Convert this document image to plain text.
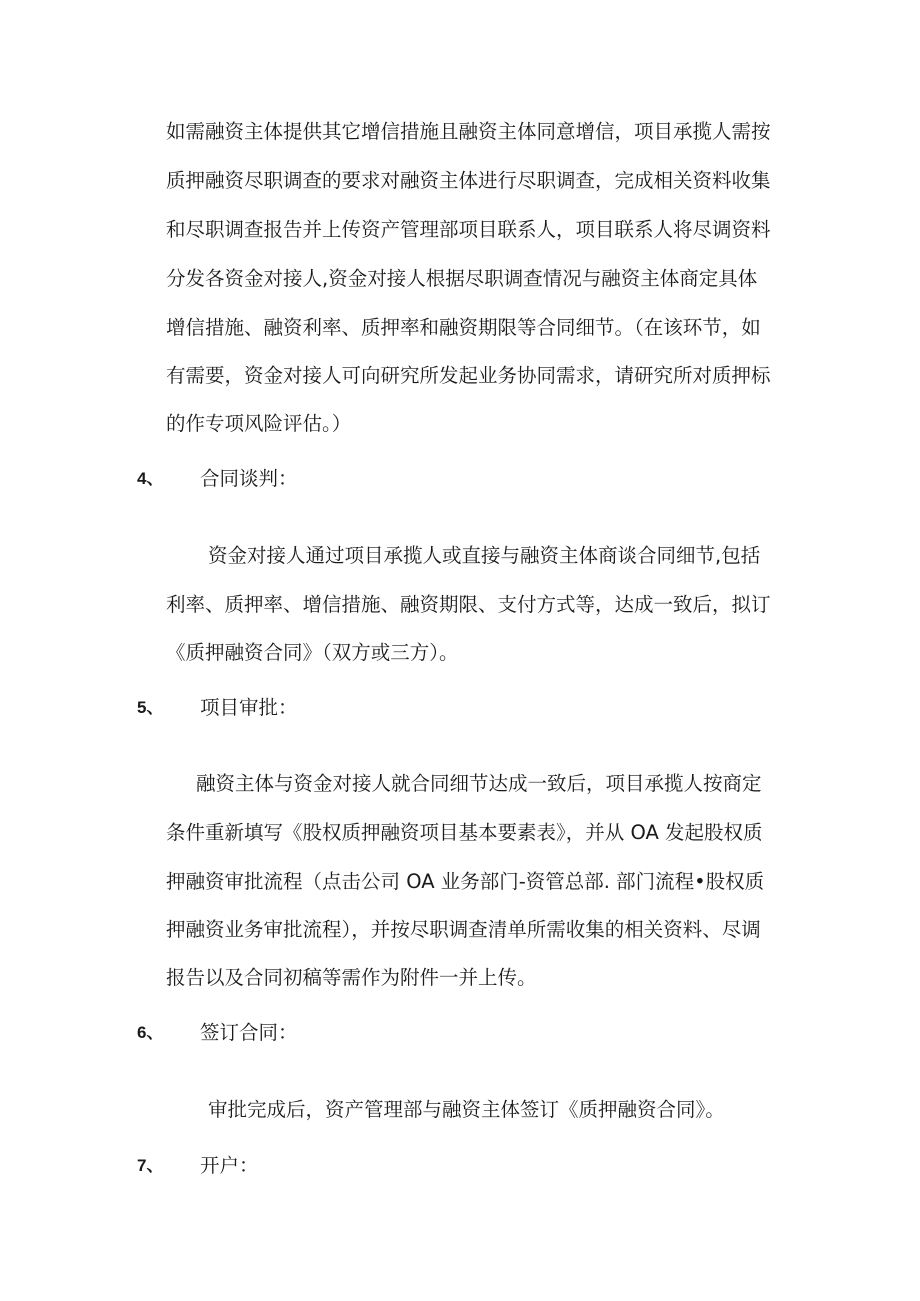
如需融资主体提供其它增信措施且融资主体同意增信，项目承揽人需按
质押融资尽职调查的要求对融资主体进行尽职调查，完成相关资料收集
和尽职调查报告并上传资产管理部项目联系人，项目联系人将尽调资料
分发各资金对接人,资金对接人根据尽职调查情况与融资主体商定具体
增信措施、融资利率、质押率和融资期限等合同细节。（在该环节，如
有需要，资金对接人可向研究所发起业务协同需求，请研究所对质押标
的作专项风险评估。）
4、 合同谈判：
资金对接人通过项目承揽人或直接与融资主体商谈合同细节,包括
利率、质押率、增信措施、融资期限、支付方式等，达成一致后，拟订
《质押融资合同》（双方或三方）。
5、 项目审批：
融资主体与资金对接人就合同细节达成一致后，项目承揽人按商定
条件重新填写《股权质押融资项目基本要素表》，并从 OA 发起股权质
押融资审批流程（点击公司 OA 业务部门-资管总部. 部门流程•股权质
押融资业务审批流程），并按尽职调查清单所需收集的相关资料、尽调
报告以及合同初稿等需作为附件一并上传。
6、 签订合同：
审批完成后，资产管理部与融资主体签订《质押融资合同》。
7、 开户：
